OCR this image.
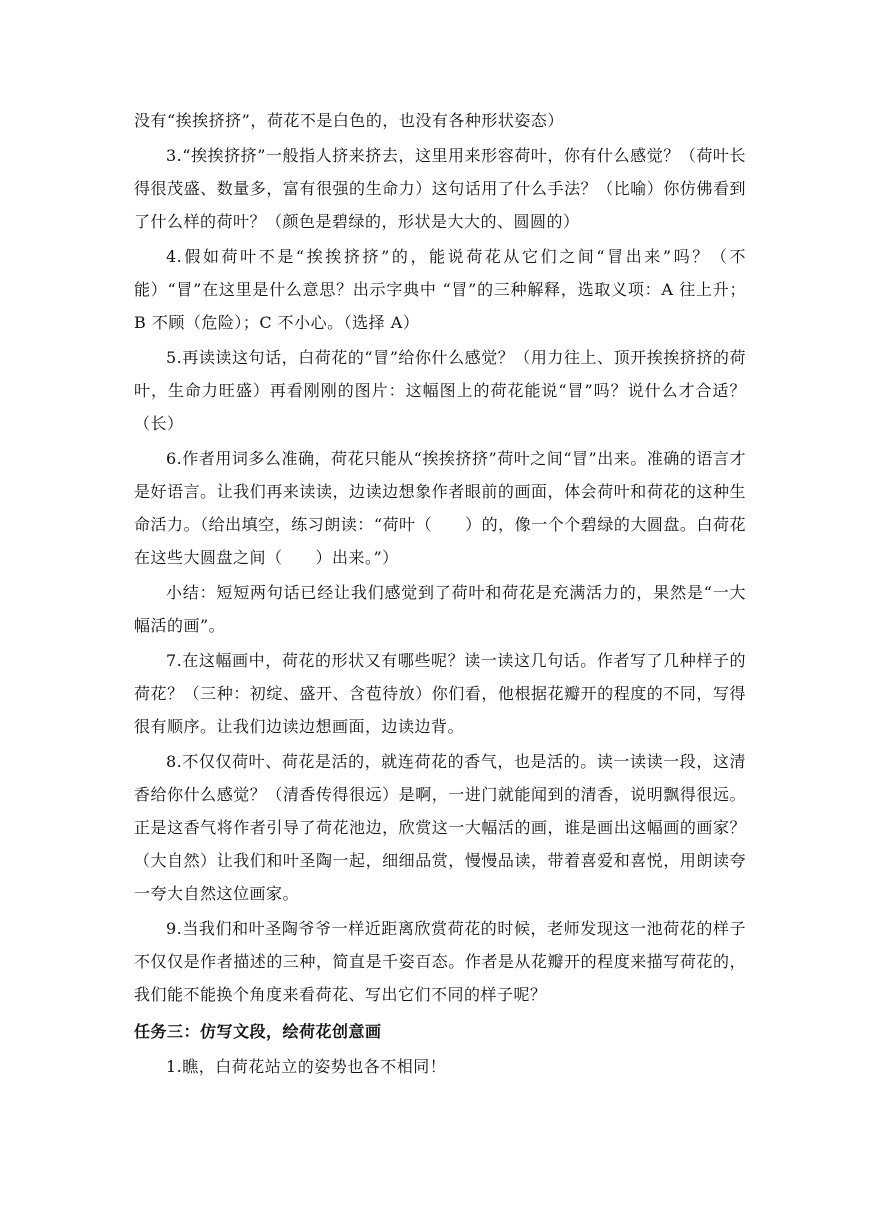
没有“挨挨挤挤”，荷花不是白色的，也没有各种形状姿态）

3.“挨挨挤挤”一般指人挤来挤去，这里用来形容荷叶，你有什么感觉？（荷叶长得很茂盛、数量多，富有很强的生命力）这句话用了什么手法？（比喻）你仿佛看到了什么样的荷叶？（颜色是碧绿的，形状是大大的、圆圆的）

4.假如荷叶不是“挨挨挤挤”的，能说荷花从它们之间“冒出来”吗？（不能）“冒”在这里是什么意思？出示字典中 “冒”的三种解释，选取义项：A 往上升；B 不顾（危险）；C 不小心。（选择 A）

5.再读读这句话，白荷花的“冒”给你什么感觉？（用力往上、顶开挨挨挤挤的荷叶，生命力旺盛）再看刚刚的图片：这幅图上的荷花能说“冒”吗？说什么才合适？（长）

6.作者用词多么准确，荷花只能从“挨挨挤挤”荷叶之间“冒”出来。准确的语言才是好语言。让我们再来读读，边读边想象作者眼前的画面，体会荷叶和荷花的这种生命活力。（给出填空，练习朗读：“荷叶（　　）的，像一个个碧绿的大圆盘。白荷花在这些大圆盘之间（　　）出来。”）

小结：短短两句话已经让我们感觉到了荷叶和荷花是充满活力的，果然是“一大幅活的画”。

7.在这幅画中，荷花的形状又有哪些呢？读一读这几句话。作者写了几种样子的荷花？（三种：初绽、盛开、含苞待放）你们看，他根据花瓣开的程度的不同，写得很有顺序。让我们边读边想画面，边读边背。

8.不仅仅荷叶、荷花是活的，就连荷花的香气，也是活的。读一读读一段，这清香给你什么感觉？（清香传得很远）是啊，一进门就能闻到的清香，说明飘得很远。正是这香气将作者引导了荷花池边，欣赏这一大幅活的画，谁是画出这幅画的画家？（大自然）让我们和叶圣陶一起，细细品赏，慢慢品读，带着喜爱和喜悦，用朗读夸一夸大自然这位画家。

9.当我们和叶圣陶爷爷一样近距离欣赏荷花的时候，老师发现这一池荷花的样子不仅仅是作者描述的三种，简直是千姿百态。作者是从花瓣开的程度来描写荷花的，我们能不能换个角度来看荷花、写出它们不同的样子呢？

任务三：仿写文段，绘荷花创意画

1.瞧，白荷花站立的姿势也各不相同！
